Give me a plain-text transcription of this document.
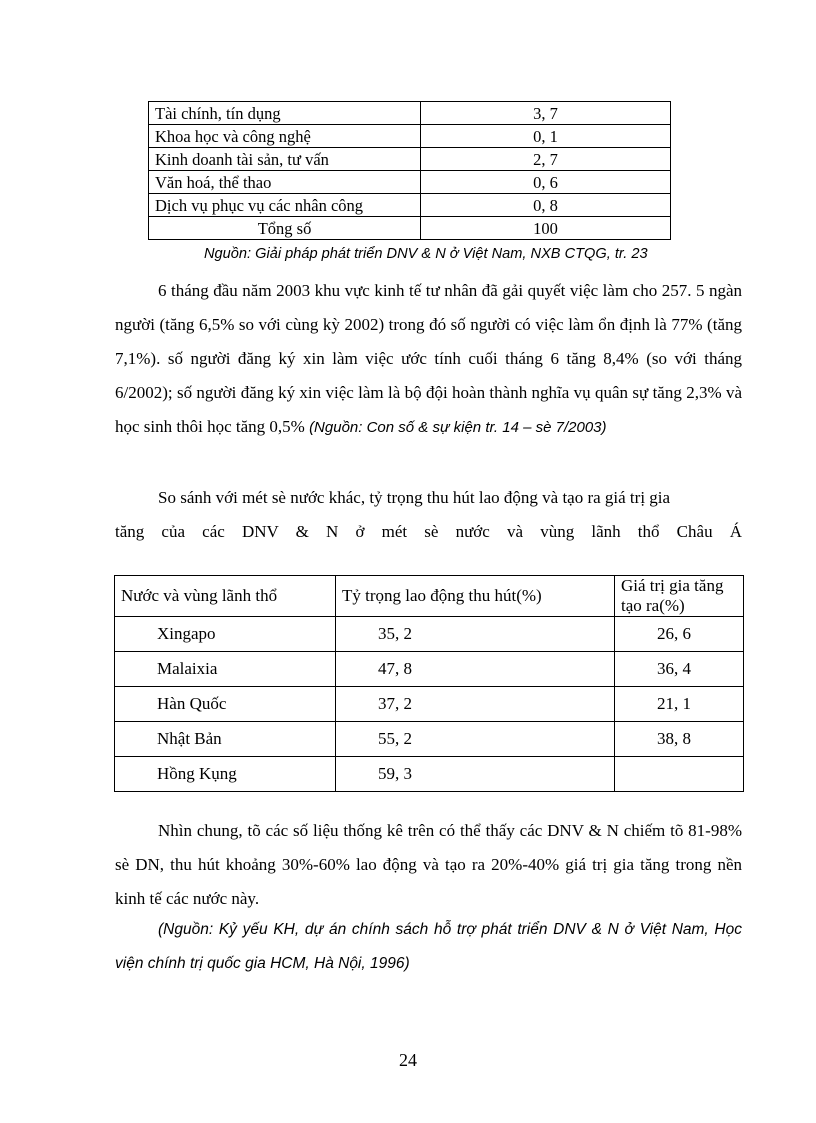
Tài chính, tín dụng	3, 7
Khoa học và công nghệ	0, 1
Kinh doanh tài sản, tư vấn	2, 7
Văn hoá, thể thao	0, 6
Dịch vụ phục vụ các nhân công	0, 8
Tổng số	100
Nguồn: Giải pháp phát triển DNV & N ở Việt Nam, NXB CTQG, tr. 23
6 tháng đầu năm 2003 khu vực kinh tế tư nhân đã gải quyết việc làm cho 257. 5 ngàn người (tăng 6,5% so với cùng kỳ 2002) trong đó số người có việc làm ổn định là 77% (tăng 7,1%). số người đăng ký xin làm việc ước tính cuối tháng 6 tăng 8,4% (so với tháng 6/2002); số người đăng ký xin việc làm là bộ đội hoàn thành nghĩa vụ quân sự tăng 2,3% và học sinh thôi học tăng 0,5% (Nguồn: Con số & sự kiện tr. 14 – sè 7/2003)
So sánh với mét sè nước khác, tỷ trọng thu hút lao động và tạo ra giá trị gia
tăng của các DNV & N ở mét sè nước và vùng lãnh thổ Châu Á
Nước và vùng lãnh thổ	Tỷ trọng lao động thu hút(%)	Giá trị gia tăng tạo ra(%)
Xingapo	35, 2	26, 6
Malaixia	47, 8	36, 4
Hàn Quốc	37, 2	21, 1
Nhật Bản	55, 2	38, 8
Hồng Kụng	59, 3	
Nhìn chung, tõ các số liệu thống kê trên có thể thấy các DNV & N chiếm tõ 81-98% sè DN, thu hút khoảng 30%-60% lao động và tạo ra 20%-40% giá trị gia tăng trong nền kinh tế các nước này.
(Nguồn: Kỷ yếu KH, dự án chính sách hỗ trợ phát triển DNV & N ở Việt Nam, Học viện chính trị quốc gia HCM, Hà Nội, 1996)
24
